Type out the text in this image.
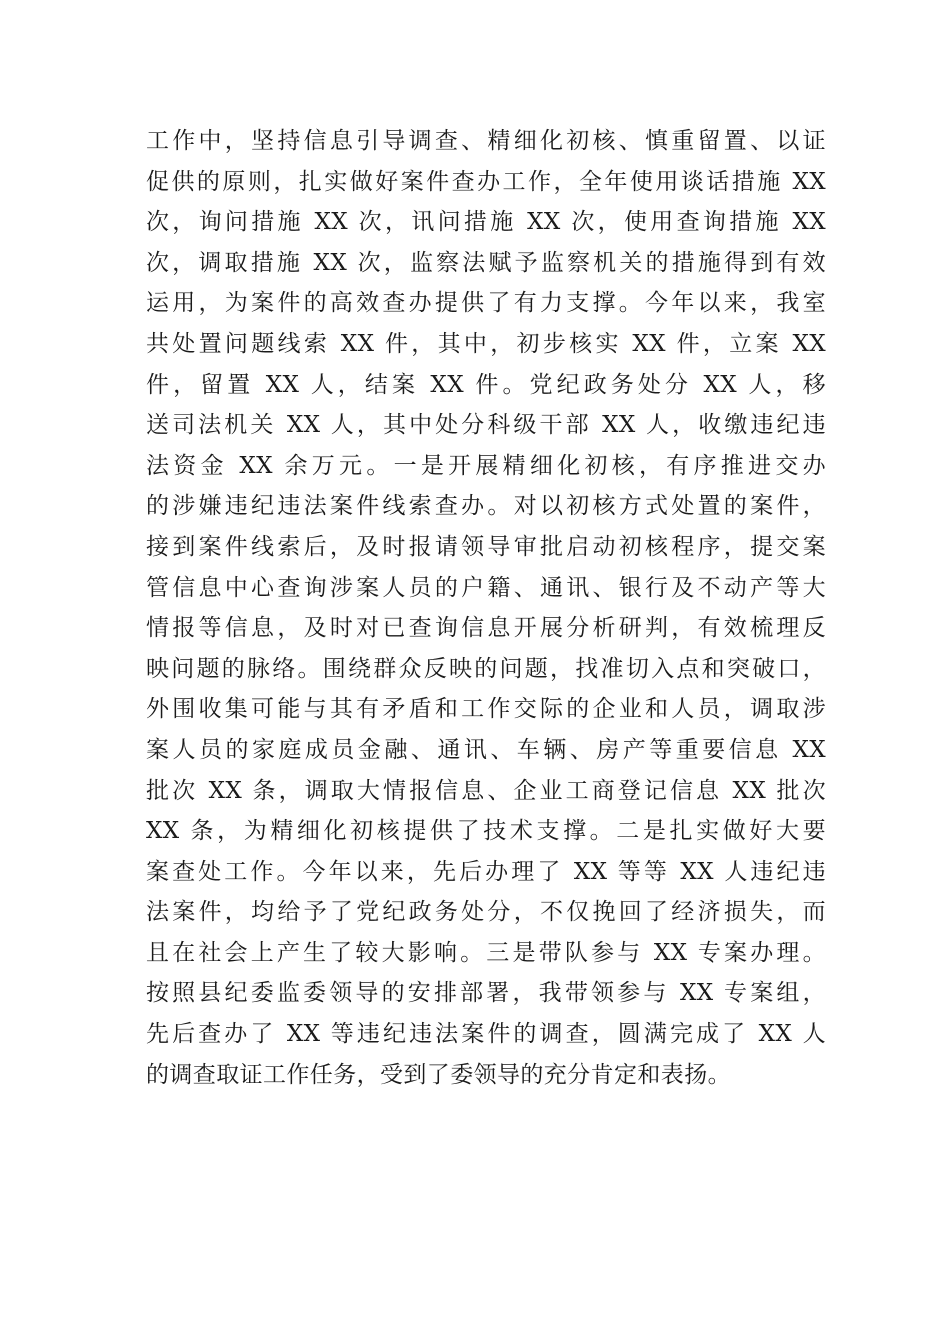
工作中，坚持信息引导调查、精细化初核、慎重留置、以证
促供的原则，扎实做好案件查办工作，全年使用谈话措施 XX
次，询问措施 XX 次，讯问措施 XX 次，使用查询措施 XX
次，调取措施 XX 次，监察法赋予监察机关的措施得到有效
运用，为案件的高效查办提供了有力支撑。今年以来，我室
共处置问题线索 XX 件，其中，初步核实 XX 件，立案 XX
件，留置 XX 人，结案 XX 件。党纪政务处分 XX 人，移
送司法机关 XX 人，其中处分科级干部 XX 人，收缴违纪违
法资金 XX 余万元。一是开展精细化初核，有序推进交办
的涉嫌违纪违法案件线索查办。对以初核方式处置的案件，
接到案件线索后，及时报请领导审批启动初核程序，提交案
管信息中心查询涉案人员的户籍、通讯、银行及不动产等大
情报等信息，及时对已查询信息开展分析研判，有效梳理反
映问题的脉络。围绕群众反映的问题，找准切入点和突破口，
外围收集可能与其有矛盾和工作交际的企业和人员，调取涉
案人员的家庭成员金融、通讯、车辆、房产等重要信息 XX
批次 XX 条，调取大情报信息、企业工商登记信息 XX 批次
XX 条，为精细化初核提供了技术支撑。二是扎实做好大要
案查处工作。今年以来，先后办理了 XX 等等 XX 人违纪违
法案件，均给予了党纪政务处分，不仅挽回了经济损失，而
且在社会上产生了较大影响。三是带队参与 XX 专案办理。
按照县纪委监委领导的安排部署，我带领参与 XX 专案组，
先后查办了 XX 等违纪违法案件的调查，圆满完成了 XX 人
的调查取证工作任务，受到了委领导的充分肯定和表扬。
